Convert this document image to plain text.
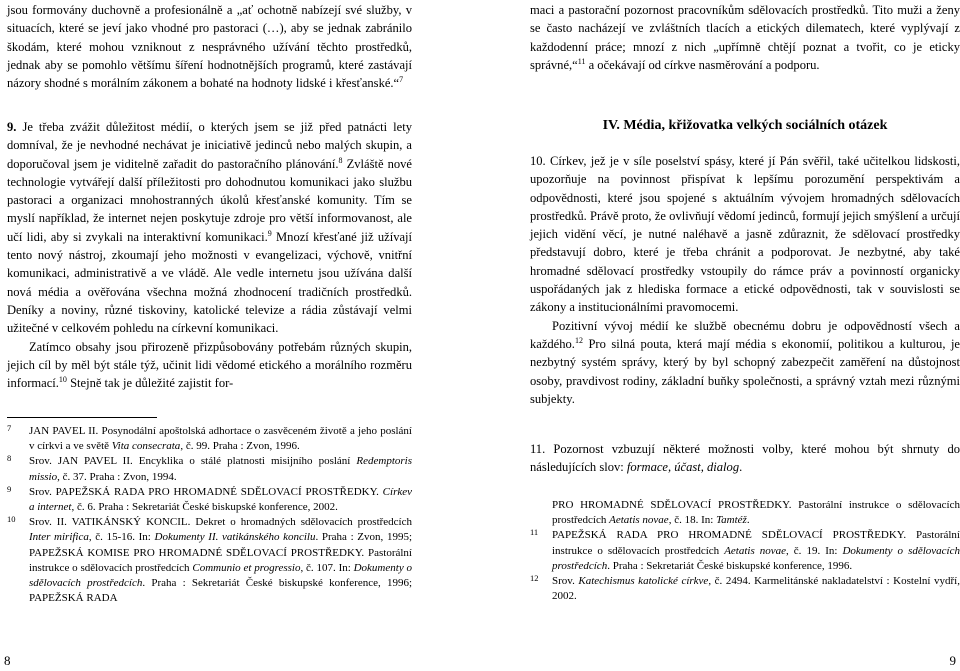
jsou formovány duchovně a profesionálně a „ať ochotně nabízejí své služby, v situacích, které se jeví jako vhodné pro pastoraci (…), aby se jednak zabránilo škodám, které mohou vzniknout z nesprávného užívání těchto prostředků, jednak aby se pomohlo většímu šíření hodnotnějších programů, které zastávají názory shodné s morálním zákonem a bohaté na hodnoty lidské i křesťanské.“$^7$

9. Je třeba zvážit důležitost médií, o kterých jsem se již před patnácti lety domníval, že je nevhodné nechávat je iniciativě jedinců nebo malých skupin, a doporučoval jsem je viditelně zařadit do pastoračního plánování.$^8$ Zvláště nové technologie vytvářejí další příležitosti pro dohodnutou komunikaci jako službu pastoraci a organizaci mnohostranných úkolů křesťanské komunity. Tím se myslí například, že internet nejen poskytuje zdroje pro větší informovanost, ale učí lidi, aby si zvykali na interaktivní komunikaci.$^9$ Mnozí křesťané již užívají tento nový nástroj, zkoumají jeho možnosti v evangelizaci, výchově, vnitřní komunikaci, administrativě a ve vládě. Ale vedle internetu jsou užívána další nová média a ověřována všechna možná zhodnocení tradičních prostředků. Deníky a noviny, různé tiskoviny, katolické televize a rádia zůstávají velmi užitečné v celkovém pohledu na církevní komunikaci.

Zatímco obsahy jsou přirozeně přizpůsobovány potřebám různých skupin, jejich cíl by měl být stále týž, učinit lidi vědomé etického a morálního rozměru informací.$^{10}$ Stejně tak je důležité zajistit for-

7 JAN PAVEL II. Posynodální apoštolská adhortace o zasvěceném životě a jeho poslání v církvi a ve světě Vita consecrata, č. 99. Praha : Zvon, 1996.
8 Srov. JAN PAVEL II. Encyklika o stálé platnosti misijního poslání Redemptoris missio, č. 37. Praha : Zvon, 1994.
9 Srov. PAPEŽSKÁ RADA PRO HROMADNÉ SDĚLOVACÍ PROSTŘEDKY. Církev a internet, č. 6. Praha : Sekretariát České biskupské konference, 2002.
10 Srov. II. VATIKÁNSKÝ KONCIL. Dekret o hromadných sdělovacích prostředcích Inter mirifica, č. 15-16. In: Dokumenty II. vatikánského koncilu. Praha : Zvon, 1995; PAPEŽSKÁ KOMISE PRO HROMADNÉ SDĚLOVACÍ PROSTŘEDKY. Pastorální instrukce o sdělovacích prostředcích Communio et progressio, č. 107. In: Dokumenty o sdělovacích prostředcích. Praha : Sekretariát České biskupské konference, 1996; PAPEŽSKÁ RADA
8

maci a pastorační pozornost pracovníkům sdělovacích prostředků. Tito muži a ženy se často nacházejí ve zvláštních tlacích a etických dilematech, které vyplývají z každodenní práce; mnozí z nich „upřímně chtějí poznat a tvořit, co je eticky správné,“$^{11}$ a očekávají od církve nasměrování a podporu.

IV. Média, křižovatka velkých sociálních otázek

10. Církev, jež je v síle poselství spásy, které jí Pán svěřil, také učitelkou lidskosti, upozorňuje na povinnost přispívat k lepšímu porozumění perspektivám a odpovědnosti, které jsou spojené s aktuálním vývojem hromadných sdělovacích prostředků. Právě proto, že ovlivňují vědomí jedinců, formují jejich smýšlení a určují jejich vidění věcí, je nutné naléhavě a jasně zdůraznit, že sdělovací prostředky představují dobro, které je třeba chránit a podporovat. Je nezbytné, aby také hromadné sdělovací prostředky vstoupily do rámce práv a povinností organicky uspořádaných jak z hlediska formace a etické odpovědnosti, tak v souvislosti se zákony a institucionálními pravomocemi.

Pozitivní vývoj médií ke službě obecnému dobru je odpovědností všech a každého.$^{12}$ Pro silná pouta, která mají média s ekonomií, politikou a kulturou, je nezbytný systém správy, který by byl schopný zabezpečit zaměření na důstojnost osoby, pravdivost rodiny, základní buňky společnosti, a správný vztah mezi různými subjekty.

11. Pozornost vzbuzují některé možnosti volby, které mohou být shrnuty do následujících slov: formace, účast, dialog.

PRO HROMADNÉ SDĚLOVACÍ PROSTŘEDKY. Pastorální instrukce o sdělovacích prostředcích Aetatis novae, č. 18. In: Tamtéž.
11 PAPEŽSKÁ RADA PRO HROMADNÉ SDĚLOVACÍ PROSTŘEDKY. Pastorální instrukce o sdělovacích prostředcích Aetatis novae, č. 19. In: Dokumenty o sdělovacích prostředcích. Praha : Sekretariát České biskupské konference, 1996.
12 Srov. Katechismus katolické církve, č. 2494. Karmelitánské nakladatelství : Kostelní vydří, 2002.
9
